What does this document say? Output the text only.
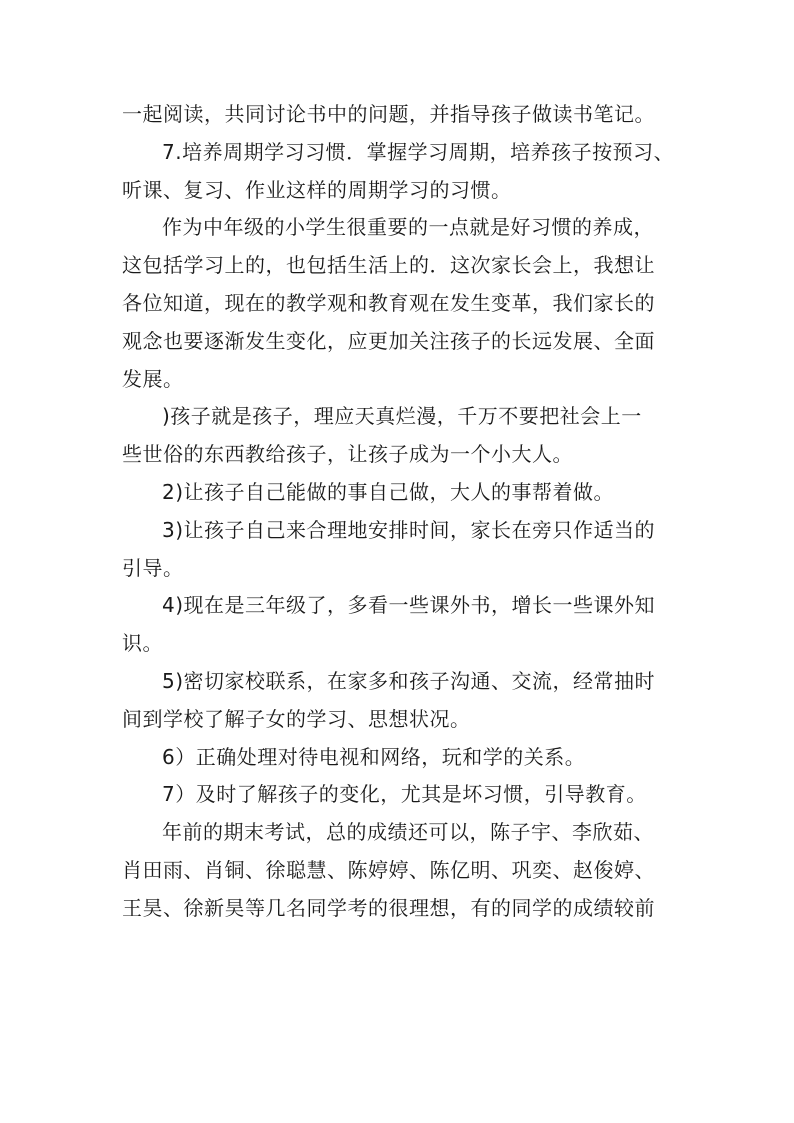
一起阅读，共同讨论书中的问题，并指导孩子做读书笔记。
7.培养周期学习习惯．掌握学习周期，培养孩子按预习、
听课、复习、作业这样的周期学习的习惯。
作为中年级的小学生很重要的一点就是好习惯的养成，
这包括学习上的，也包括生活上的．这次家长会上，我想让
各位知道，现在的教学观和教育观在发生变革，我们家长的
观念也要逐渐发生变化，应更加关注孩子的长远发展、全面
发展。
)孩子就是孩子，理应天真烂漫，千万不要把社会上一
些世俗的东西教给孩子，让孩子成为一个小大人。
2)让孩子自己能做的事自己做，大人的事帮着做。
3)让孩子自己来合理地安排时间，家长在旁只作适当的
引导。
4)现在是三年级了，多看一些课外书，增长一些课外知
识。
5)密切家校联系，在家多和孩子沟通、交流，经常抽时
间到学校了解子女的学习、思想状况。
6）正确处理对待电视和网络，玩和学的关系。
7）及时了解孩子的变化，尤其是坏习惯，引导教育。
年前的期末考试，总的成绩还可以，陈子宇、李欣茹、
肖田雨、肖铜、徐聪慧、陈婷婷、陈亿明、巩奕、赵俊婷、
王昊、徐新昊等几名同学考的很理想，有的同学的成绩较前
